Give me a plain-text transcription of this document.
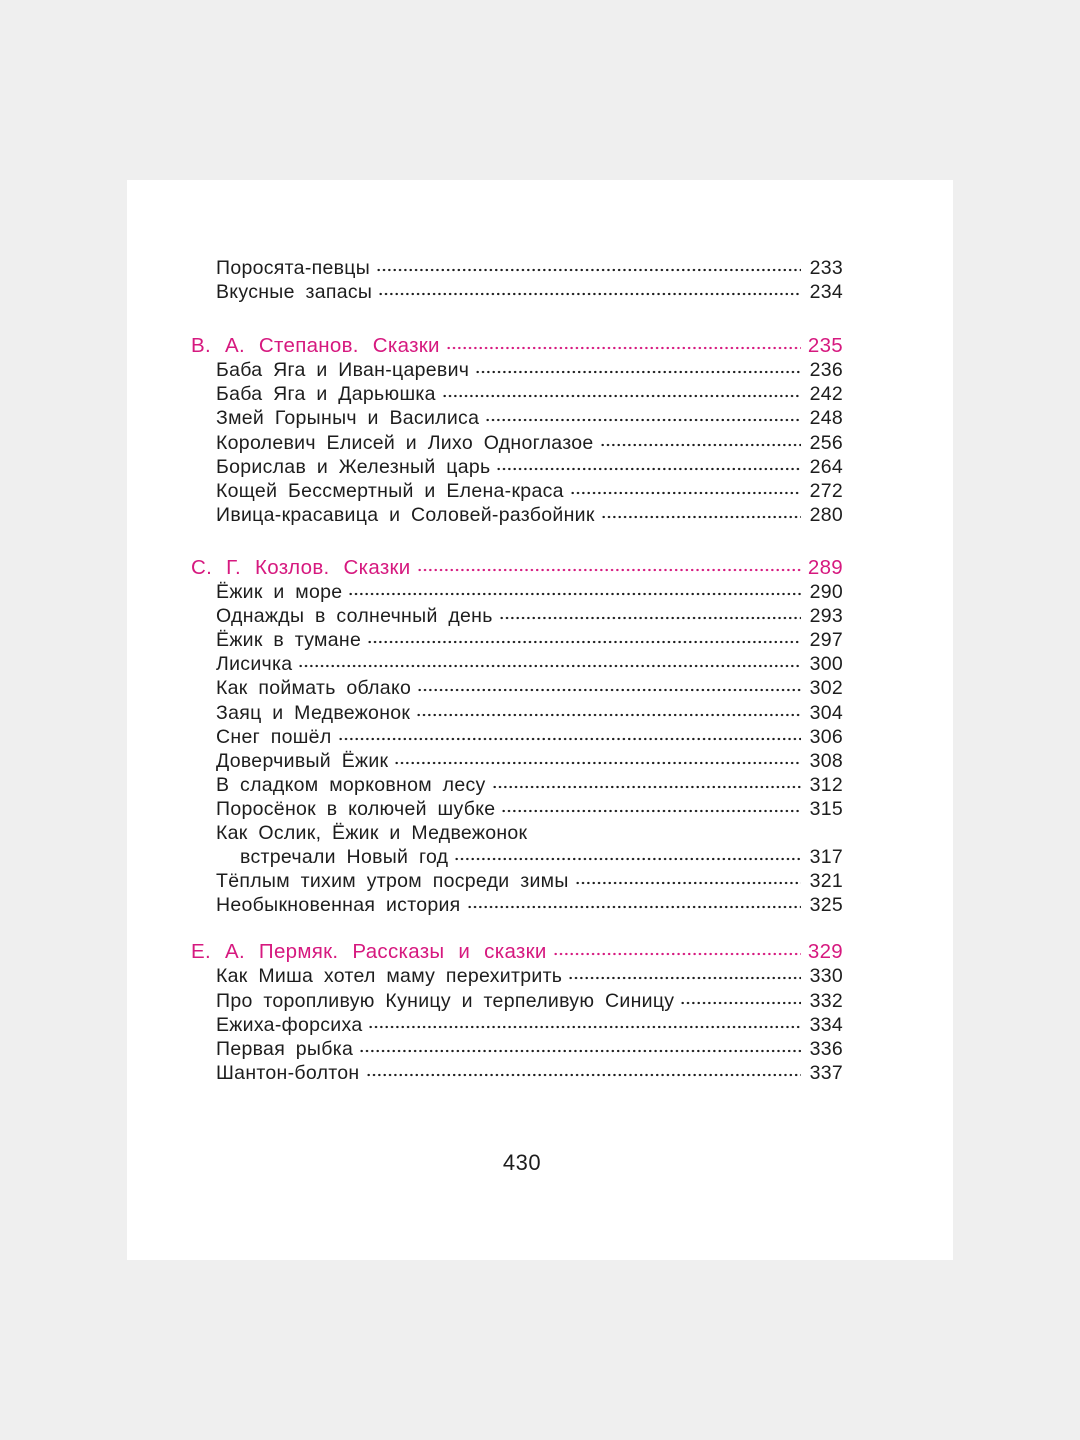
Поросята-певцы	233
Вкусные запасы	234
В. А. Степанов. Сказки	235
Баба Яга и Иван-царевич	236
Баба Яга и Дарьюшка	242
Змей Горыныч и Василиса	248
Королевич Елисей и Лихо Одноглазое	256
Борислав и Железный царь	264
Кощей Бессмертный и Елена-краса	272
Ивица-красавица и Соловей-разбойник	280
С. Г. Козлов. Сказки	289
Ёжик и море	290
Однажды в солнечный день	293
Ёжик в тумане	297
Лисичка	300
Как поймать облако	302
Заяц и Медвежонок	304
Снег пошёл	306
Доверчивый Ёжик	308
В сладком морковном лесу	312
Поросёнок в колючей шубке	315
Как Ослик, Ёжик и Медвежонок
встречали Новый год	317
Тёплым тихим утром посреди зимы	321
Необыкновенная история	325
Е. А. Пермяк. Рассказы и сказки	329
Как Миша хотел маму перехитрить	330
Про торопливую Куницу и терпеливую Синицу	332
Ежиха-форсиха	334
Первая рыбка	336
Шантон-болтон	337
430
